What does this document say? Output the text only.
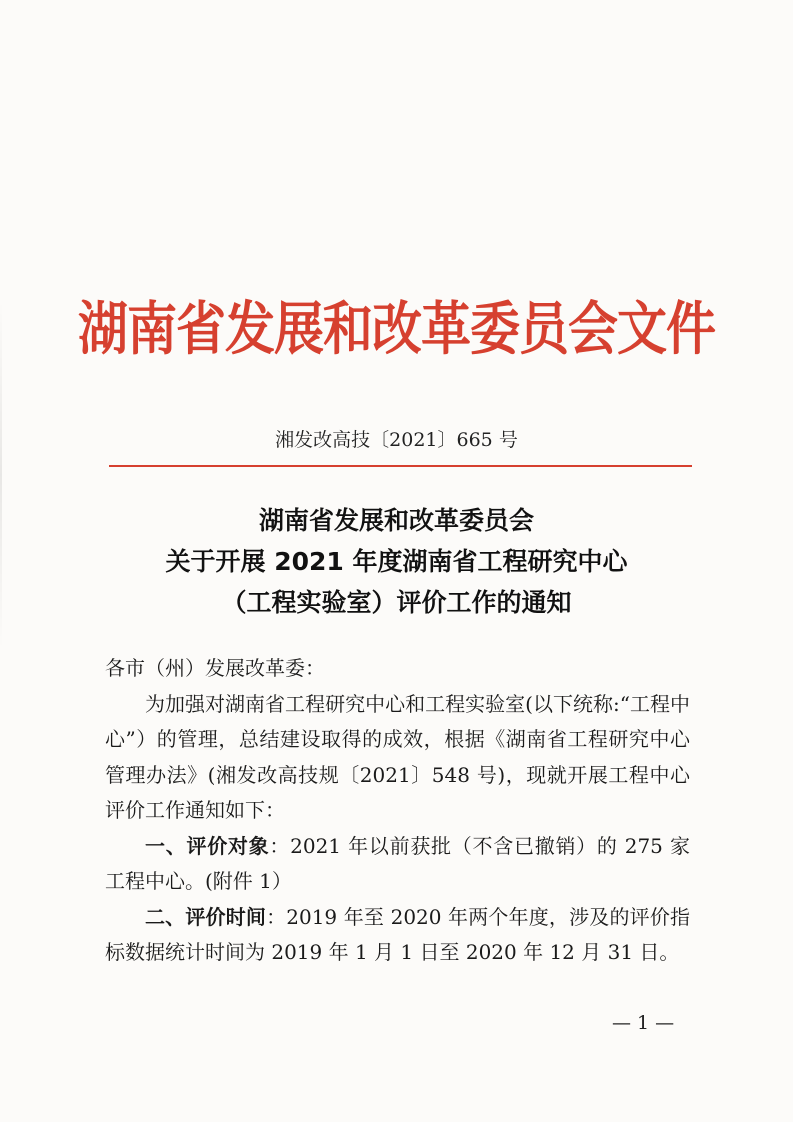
湖南省发展和改革委员会文件
湘发改高技〔2021〕665 号
湖南省发展和改革委员会
关于开展 2021 年度湖南省工程研究中心
（工程实验室）评价工作的通知

各市（州）发展改革委：

为加强对湖南省工程研究中心和工程实验室(以下统称:“工程中心”）的管理，总结建设取得的成效，根据《湖南省工程研究中心管理办法》(湘发改高技规〔2021〕548 号)，现就开展工程中心评价工作通知如下：

一、评价对象：2021 年以前获批（不含已撤销）的 275 家工程中心。(附件 1）

二、评价时间：2019 年至 2020 年两个年度，涉及的评价指标数据统计时间为 2019 年 1 月 1 日至 2020 年 12 月 31 日。

— 1 —
